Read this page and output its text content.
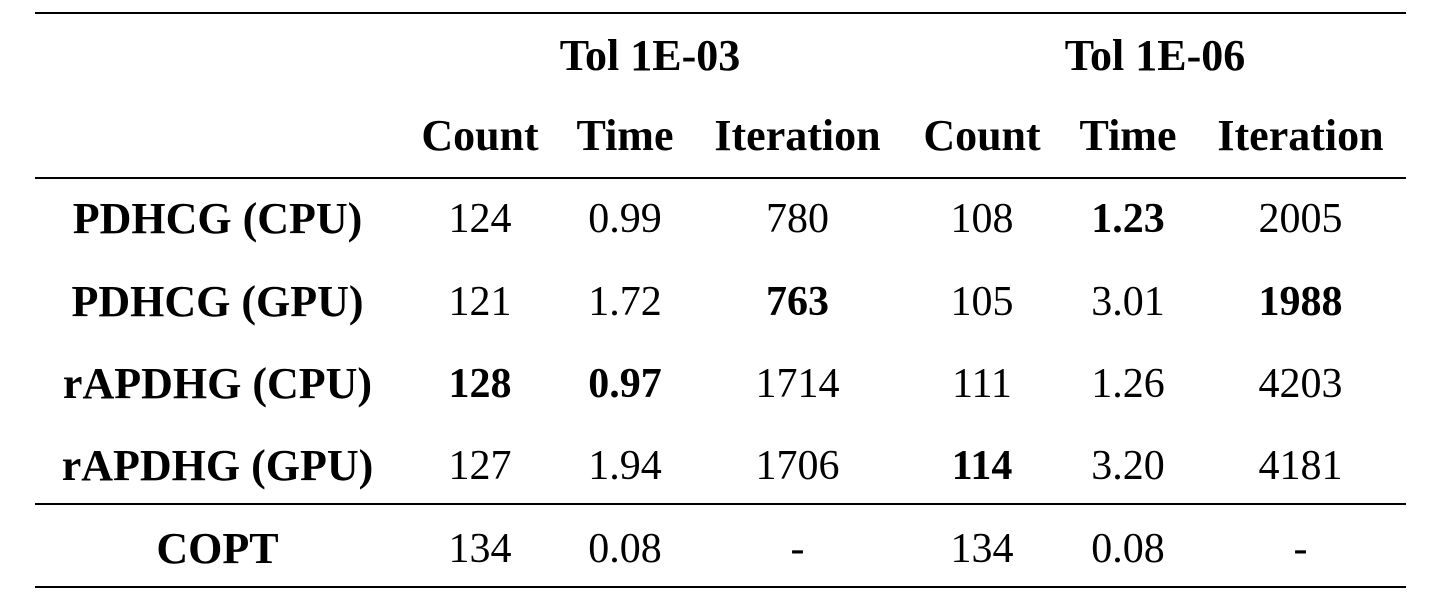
Tol 1E-03	Tol 1E-06
Count Time Iteration Count Time Iteration
PDHCG (CPU)	124	0.99	780	108	1.23	2005
PDHCG (GPU)	121	1.72	763	105	3.01	1988
rAPDHG (CPU)	128	0.97	1714	111	1.26	4203
rAPDHG (GPU)	127	1.94	1706	114	3.20	4181
COPT	134	0.08	-	134	0.08	-
